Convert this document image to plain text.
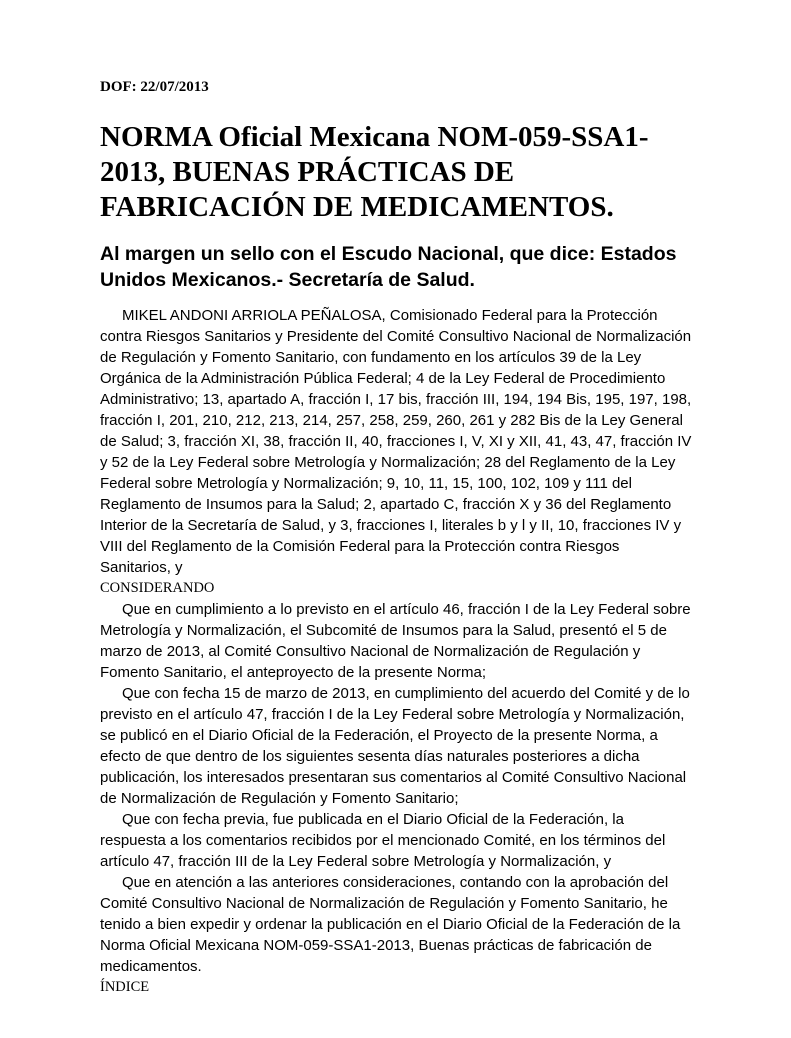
DOF: 22/07/2013
NORMA Oficial Mexicana NOM-059-SSA1-2013, BUENAS PRÁCTICAS DE FABRICACIÓN DE MEDICAMENTOS.
Al margen un sello con el Escudo Nacional, que dice: Estados Unidos Mexicanos.- Secretaría de Salud.

MIKEL ANDONI ARRIOLA PEÑALOSA, Comisionado Federal para la Protección contra Riesgos Sanitarios y Presidente del Comité Consultivo Nacional de Normalización de Regulación y Fomento Sanitario, con fundamento en los artículos 39 de la Ley Orgánica de la Administración Pública Federal; 4 de la Ley Federal de Procedimiento Administrativo; 13, apartado A, fracción I, 17 bis, fracción III, 194, 194 Bis, 195, 197, 198, fracción I, 201, 210, 212, 213, 214, 257, 258, 259, 260, 261 y 282 Bis de la Ley General de Salud; 3, fracción XI, 38, fracción II, 40, fracciones I, V, XI y XII, 41, 43, 47, fracción IV y 52 de la Ley Federal sobre Metrología y Normalización; 28 del Reglamento de la Ley Federal sobre Metrología y Normalización; 9, 10, 11, 15, 100, 102, 109 y 111 del Reglamento de Insumos para la Salud; 2, apartado C, fracción X y 36 del Reglamento Interior de la Secretaría de Salud, y 3, fracciones I, literales b y l y II, 10, fracciones IV y VIII del Reglamento de la Comisión Federal para la Protección contra Riesgos Sanitarios, y

CONSIDERANDO

Que en cumplimiento a lo previsto en el artículo 46, fracción I de la Ley Federal sobre Metrología y Normalización, el Subcomité de Insumos para la Salud, presentó el 5 de marzo de 2013, al Comité Consultivo Nacional de Normalización de Regulación y Fomento Sanitario, el anteproyecto de la presente Norma;

Que con fecha 15 de marzo de 2013, en cumplimiento del acuerdo del Comité y de lo previsto en el artículo 47, fracción I de la Ley Federal sobre Metrología y Normalización, se publicó en el Diario Oficial de la Federación, el Proyecto de la presente Norma, a efecto de que dentro de los siguientes sesenta días naturales posteriores a dicha publicación, los interesados presentaran sus comentarios al Comité Consultivo Nacional de Normalización de Regulación y Fomento Sanitario;

Que con fecha previa, fue publicada en el Diario Oficial de la Federación, la respuesta a los comentarios recibidos por el mencionado Comité, en los términos del artículo 47, fracción III de la Ley Federal sobre Metrología y Normalización, y

Que en atención a las anteriores consideraciones, contando con la aprobación del Comité Consultivo Nacional de Normalización de Regulación y Fomento Sanitario, he tenido a bien expedir y ordenar la publicación en el Diario Oficial de la Federación de la Norma Oficial Mexicana NOM-059-SSA1-2013, Buenas prácticas de fabricación de medicamentos.

ÍNDICE
